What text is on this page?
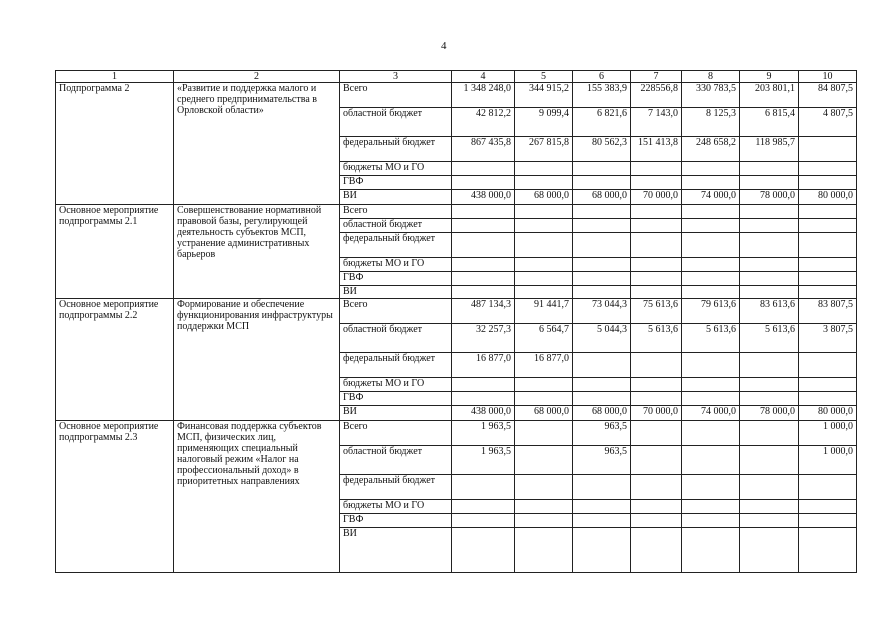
4
1	2	3	4	5	6	7	8	9	10
Подпрограмма 2	«Развитие и поддержка малого и среднего предпринимательства в Орловской области»	Всего	1 348 248,0	344 915,2	155 383,9	228556,8	330 783,5	203 801,1	84 807,5
		областной бюджет	42 812,2	9 099,4	6 821,6	7 143,0	8 125,3	6 815,4	4 807,5
		федеральный бюджет	867 435,8	267 815,8	80 562,3	151 413,8	248 658,2	118 985,7	
		бюджеты МО и ГО							
		ГВФ							
		ВИ	438 000,0	68 000,0	68 000,0	70 000,0	74 000,0	78 000,0	80 000,0
Основное мероприятие подпрограммы 2.1	Совершенствование нормативной правовой базы, регулирующей деятельность субъектов МСП, устранение административных барьеров	Всего							
		областной бюджет							
		федеральный бюджет							
		бюджеты МО и ГО							
		ГВФ							
		ВИ							
Основное мероприятие подпрограммы 2.2	Формирование и обеспечение функционирования инфраструктуры поддержки МСП	Всего	487 134,3	91 441,7	73 044,3	75 613,6	79 613,6	83 613,6	83 807,5
		областной бюджет	32 257,3	6 564,7	5 044,3	5 613,6	5 613,6	5 613,6	3 807,5
		федеральный бюджет	16 877,0	16 877,0					
		бюджеты МО и ГО							
		ГВФ							
		ВИ	438 000,0	68 000,0	68 000,0	70 000,0	74 000,0	78 000,0	80 000,0
Основное мероприятие подпрограммы 2.3	Финансовая поддержка субъектов МСП, физических лиц, применяющих специальный налоговый режим «Налог на профессиональный доход» в приоритетных направлениях	Всего	1 963,5		963,5				1 000,0
		областной бюджет	1 963,5		963,5				1 000,0
		федеральный бюджет							
		бюджеты МО и ГО							
		ГВФ							
		ВИ							
